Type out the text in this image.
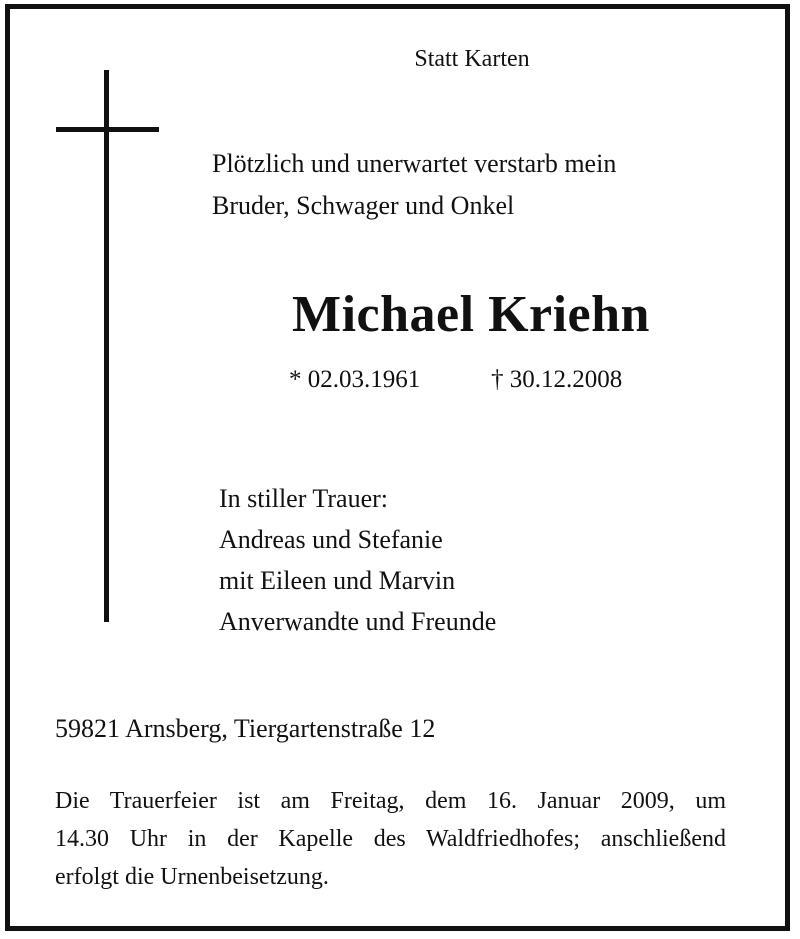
Statt Karten

Plötzlich und unerwartet verstarb mein
Bruder, Schwager und Onkel
Michael Kriehn
* 02.03.1961	† 30.12.2008
In stiller Trauer:
Andreas und Stefanie
mit Eileen und Marvin
Anverwandte und Freunde

59821 Arnsberg, Tiergartenstraße 12

Die Trauerfeier ist am Freitag, dem 16. Januar 2009, um
14.30 Uhr in der Kapelle des Waldfriedhofes; anschließend
erfolgt die Urnenbeisetzung.
